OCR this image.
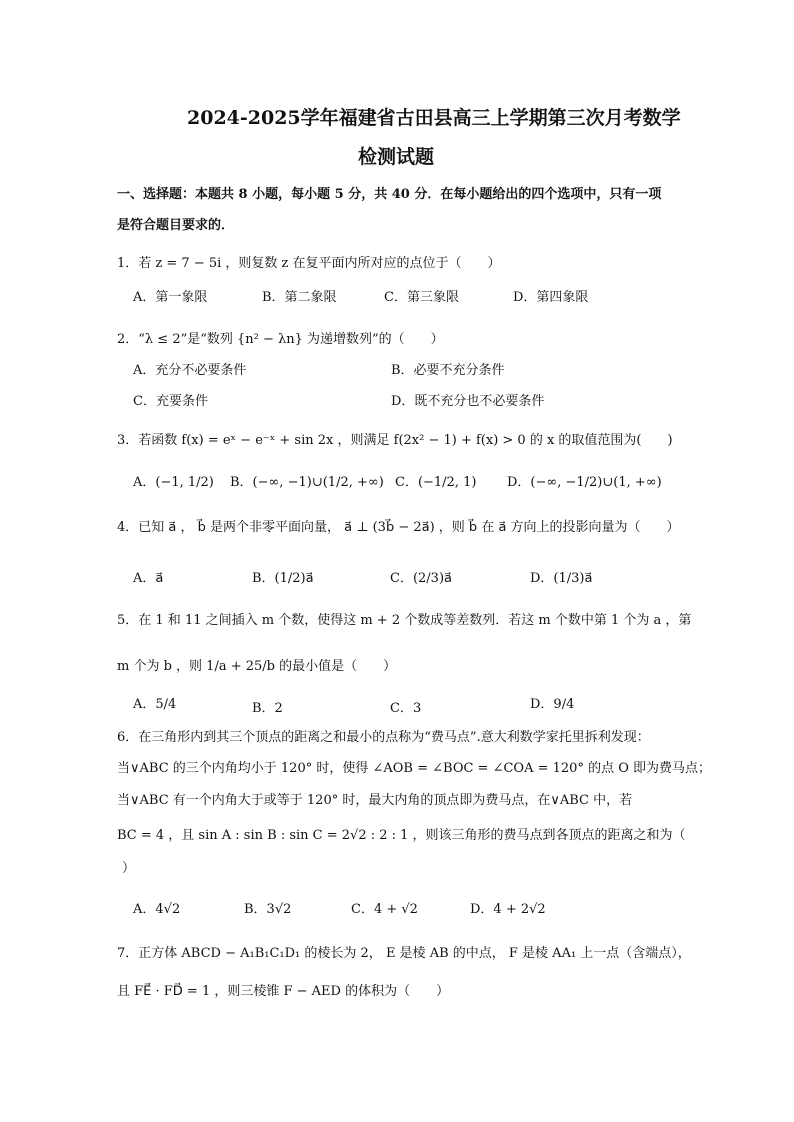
2024-2025学年福建省古田县高三上学期第三次月考数学
检测试题
一、选择题：本题共 8 小题，每小题 5 分，共 40 分．在每小题给出的四个选项中，只有一项
是符合题目要求的．
1．若 z = 7 − 5i ，则复数 z 在复平面内所对应的点位于（　　）
A．第一象限	B．第二象限	C．第三象限	D．第四象限
2．“λ ≤ 2”是“数列 {n² − λn} 为递增数列”的（　　）
A．充分不必要条件	B．必要不充分条件
C．充要条件	D．既不充分也不必要条件
3．若函数 f(x) = eˣ − e⁻ˣ + sin 2x ，则满足 f(2x² − 1) + f(x) > 0 的 x 的取值范围为(　　)
A．(−1, 1/2) B．(−∞, −1)∪(1/2, +∞) C．(−1/2, 1) D．(−∞, −1/2)∪(1, +∞)
4．已知 a⃗ ， b⃗ 是两个非零平面向量， a⃗ ⊥ (3b⃗ − 2a⃗) ，则 b⃗ 在 a⃗ 方向上的投影向量为（　　）
A．a⃗	B．(1/2)a⃗	C．(2/3)a⃗	D．(1/3)a⃗
5．在 1 和 11 之间插入 m 个数，使得这 m + 2 个数成等差数列．若这 m 个数中第 1 个为 a ，第
m 个为 b ，则 1/a + 25/b 的最小值是（　　）
A．5/4	B．2	C．3	D．9/4
6．在三角形内到其三个顶点的距离之和最小的点称为“费马点”.意大利数学家托里拆利发现：
当∨ABC 的三个内角均小于 120° 时，使得 ∠AOB = ∠BOC = ∠COA = 120° 的点 O 即为费马点；
当∨ABC 有一个内角大于或等于 120° 时，最大内角的顶点即为费马点，在∨ABC 中，若
BC = 4 ，且 sin A : sin B : sin C = 2√2 : 2 : 1 ，则该三角形的费马点到各顶点的距离之和为（
）
A．4√2	B．3√2	C．4 + √2	D．4 + 2√2
7．正方体 ABCD − A₁B₁C₁D₁ 的棱长为 2， E 是棱 AB 的中点， F 是棱 AA₁ 上一点（含端点），
且 FE⃗ · FD⃗ = 1 ，则三棱锥 F − AED 的体积为（　　）
